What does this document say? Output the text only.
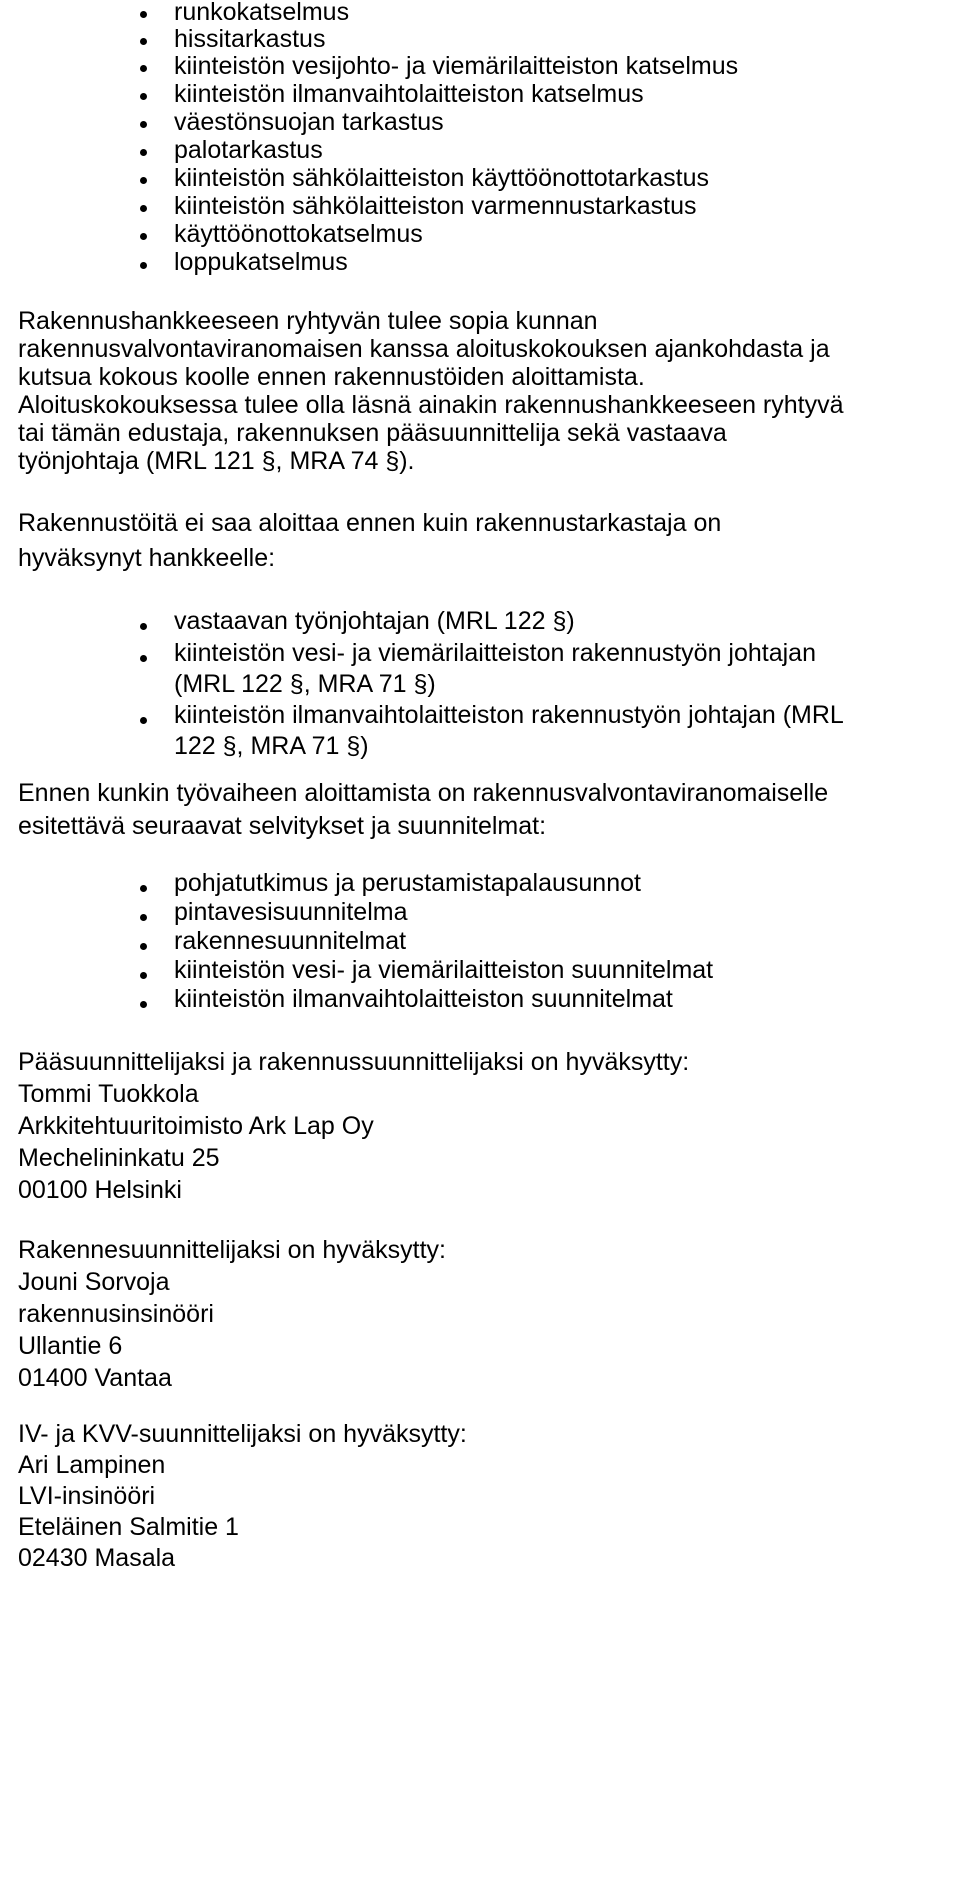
runkokatselmus
hissitarkastus
kiinteistön vesijohto- ja viemärilaitteiston katselmus
kiinteistön ilmanvaihtolaitteiston katselmus
väestönsuojan tarkastus
palotarkastus
kiinteistön sähkölaitteiston käyttöönottotarkastus
kiinteistön sähkölaitteiston varmennustarkastus
käyttöönottokatselmus
loppukatselmus
Rakennushankkeeseen ryhtyvän tulee sopia kunnan
rakennusvalvontaviranomaisen kanssa aloituskokouksen ajankohdasta ja
kutsua kokous koolle ennen rakennustöiden aloittamista.
Aloituskokouksessa tulee olla läsnä ainakin rakennushankkeeseen ryhtyvä
tai tämän edustaja, rakennuksen pääsuunnittelija sekä vastaava
työnjohtaja (MRL 121 §, MRA 74 §).
Rakennustöitä ei saa aloittaa ennen kuin rakennustarkastaja on
hyväksynyt hankkeelle:
vastaavan työnjohtajan (MRL 122 §)
kiinteistön vesi- ja viemärilaitteiston rakennustyön johtajan
(MRL 122 §, MRA 71 §)
kiinteistön ilmanvaihtolaitteiston rakennustyön johtajan (MRL
122 §, MRA 71 §)
Ennen kunkin työvaiheen aloittamista on rakennusvalvontaviranomaiselle
esitettävä seuraavat selvitykset ja suunnitelmat:
pohjatutkimus ja perustamistapalausunnot
pintavesisuunnitelma
rakennesuunnitelmat
kiinteistön vesi- ja viemärilaitteiston suunnitelmat
kiinteistön ilmanvaihtolaitteiston suunnitelmat
Pääsuunnittelijaksi ja rakennussuunnittelijaksi on hyväksytty:
Tommi Tuokkola
Arkkitehtuuritoimisto Ark Lap Oy
Mechelininkatu 25
00100 Helsinki
Rakennesuunnittelijaksi on hyväksytty:
Jouni Sorvoja
rakennusinsinööri
Ullantie 6
01400 Vantaa
IV- ja KVV-suunnittelijaksi on hyväksytty:
Ari Lampinen
LVI-insinööri
Eteläinen Salmitie 1
02430 Masala
